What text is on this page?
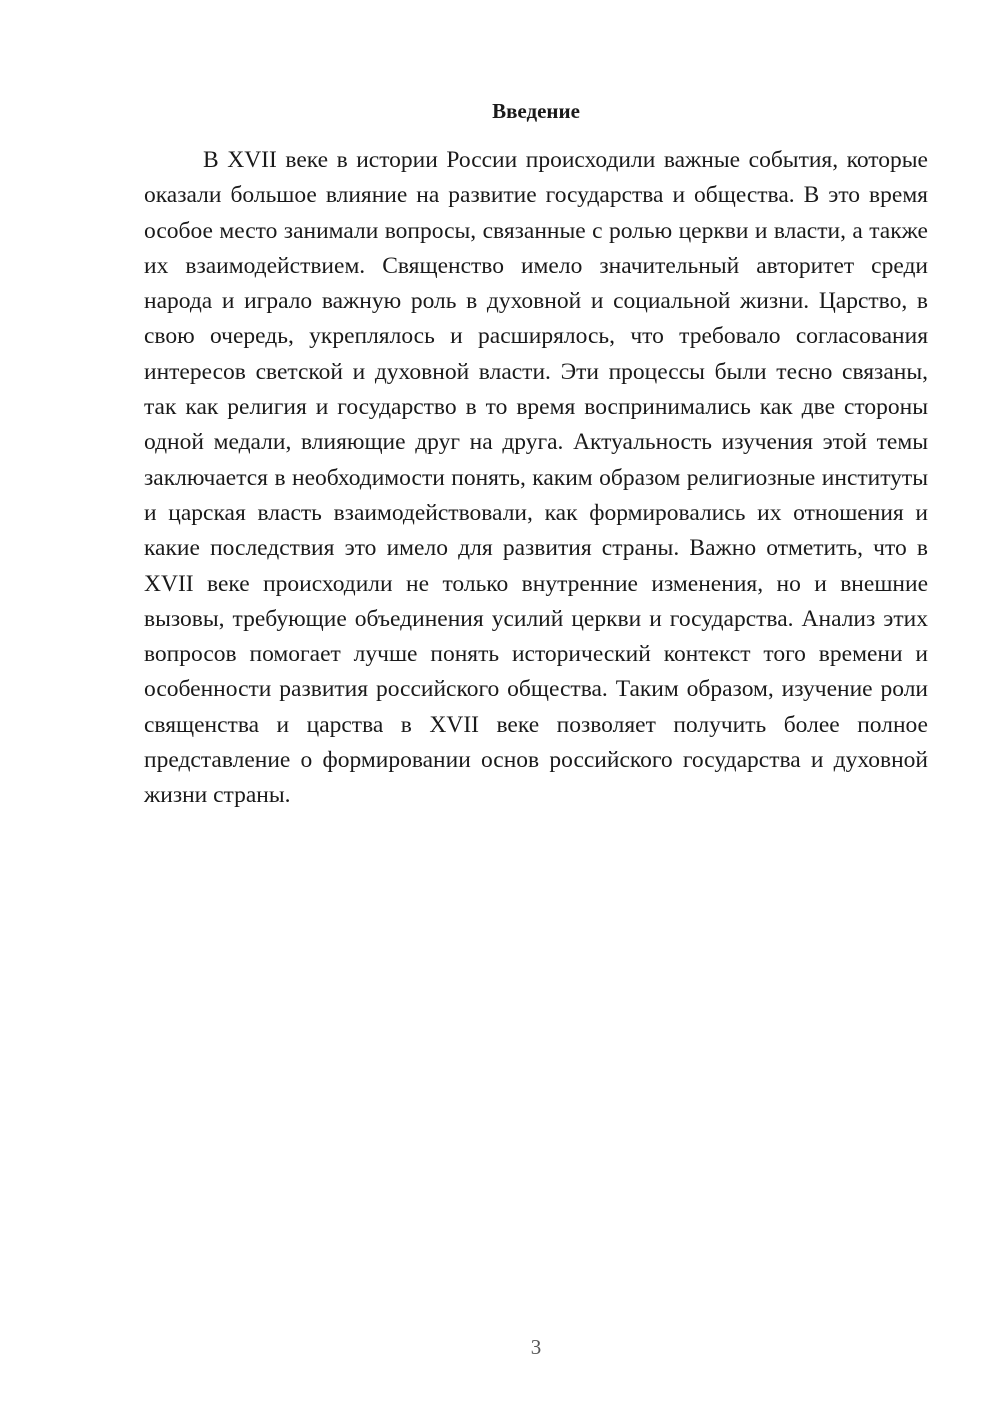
Введение

В XVII веке в истории России происходили важные события, которые оказали большое влияние на развитие государства и общества. В это время особое место занимали вопросы, связанные с ролью церкви и власти, а также их взаимодействием. Священство имело значительный авторитет среди народа и играло важную роль в духовной и социальной жизни. Царство, в свою очередь, укреплялось и расширялось, что требовало согласования интересов светской и духовной власти. Эти процессы были тесно связаны, так как религия и государство в то время воспринимались как две стороны одной медали, влияющие друг на друга. Актуальность изучения этой темы заключается в необходимости понять, каким образом религиозные институты и царская власть взаимодействовали, как формировались их отношения и какие последствия это имело для развития страны. Важно отметить, что в XVII веке происходили не только внутренние изменения, но и внешние вызовы, требующие объединения усилий церкви и государства. Анализ этих вопросов помогает лучше понять исторический контекст того времени и особенности развития российского общества. Таким образом, изучение роли священства и царства в XVII веке позволяет получить более полное представление о формировании основ российского государства и духовной жизни страны.

3
